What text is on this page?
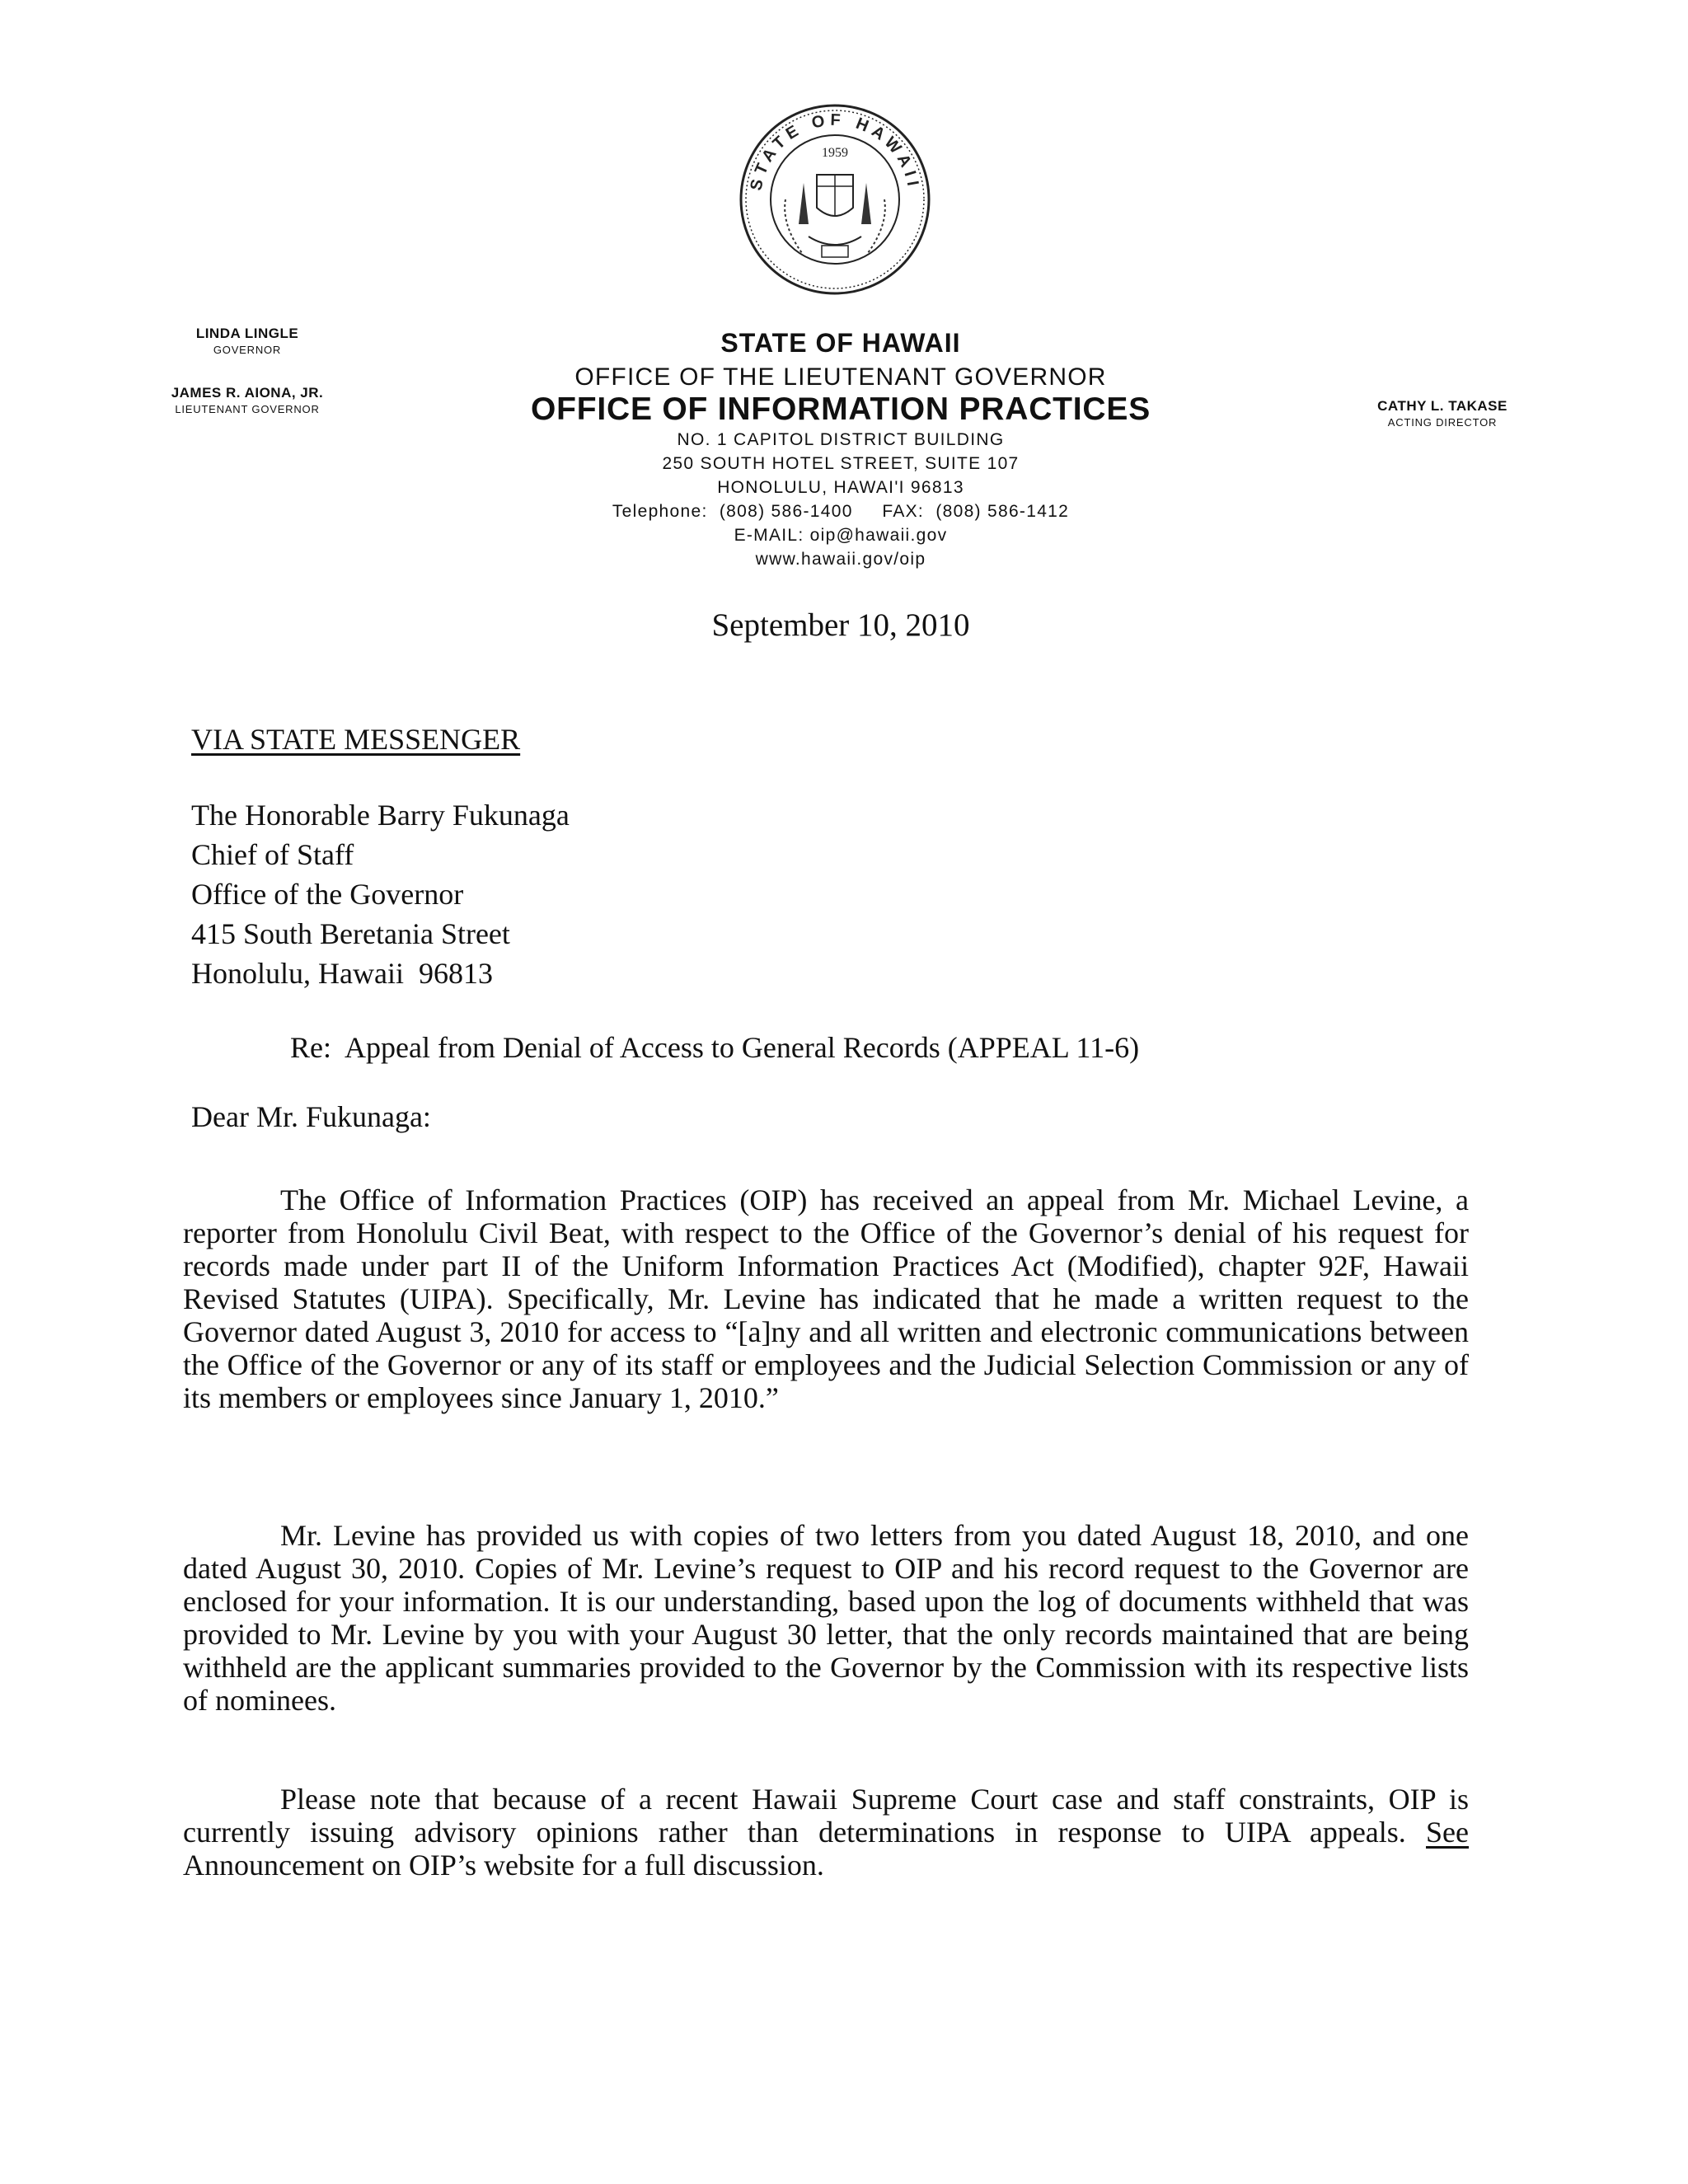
STATE OF HAWAII
1959
LINDA LINGLE
GOVERNOR
JAMES R. AIONA, JR.
LIEUTENANT GOVERNOR	CATHY L. TAKASE
ACTING DIRECTOR
STATE OF HAWAII
OFFICE OF THE LIEUTENANT GOVERNOR
OFFICE OF INFORMATION PRACTICES
NO. 1 CAPITOL DISTRICT BUILDING
250 SOUTH HOTEL STREET, SUITE 107
HONOLULU, HAWAI'I 96813
Telephone:  (808) 586-1400     FAX:  (808) 586-1412
E-MAIL: oip@hawaii.gov
www.hawaii.gov/oip
September 10, 2010
VIA STATE MESSENGER
The Honorable Barry Fukunaga
Chief of Staff
Office of the Governor
415 South Beretania Street
Honolulu, Hawaii  96813
Re:  Appeal from Denial of Access to General Records (APPEAL 11-6)
Dear Mr. Fukunaga:
The Office of Information Practices (OIP) has received an appeal from Mr. Michael Levine, a reporter from Honolulu Civil Beat, with respect to the Office of the Governor’s denial of his request for records made under part II of the Uniform Information Practices Act (Modified), chapter 92F, Hawaii Revised Statutes (UIPA). Specifically, Mr. Levine has indicated that he made a written request to the Governor dated August 3, 2010 for access to “[a]ny and all written and electronic communications between the Office of the Governor or any of its staff or employees and the Judicial Selection Commission or any of its members or employees since January 1, 2010.”
Mr. Levine has provided us with copies of two letters from you dated August 18, 2010, and one dated August 30, 2010. Copies of Mr. Levine’s request to OIP and his record request to the Governor are enclosed for your information. It is our understanding, based upon the log of documents withheld that was provided to Mr. Levine by you with your August 30 letter, that the only records maintained that are being withheld are the applicant summaries provided to the Governor by the Commission with its respective lists of nominees.
Please note that because of a recent Hawaii Supreme Court case and staff constraints, OIP is currently issuing advisory opinions rather than determinations in response to UIPA appeals. See Announcement on OIP’s website for a full discussion.
